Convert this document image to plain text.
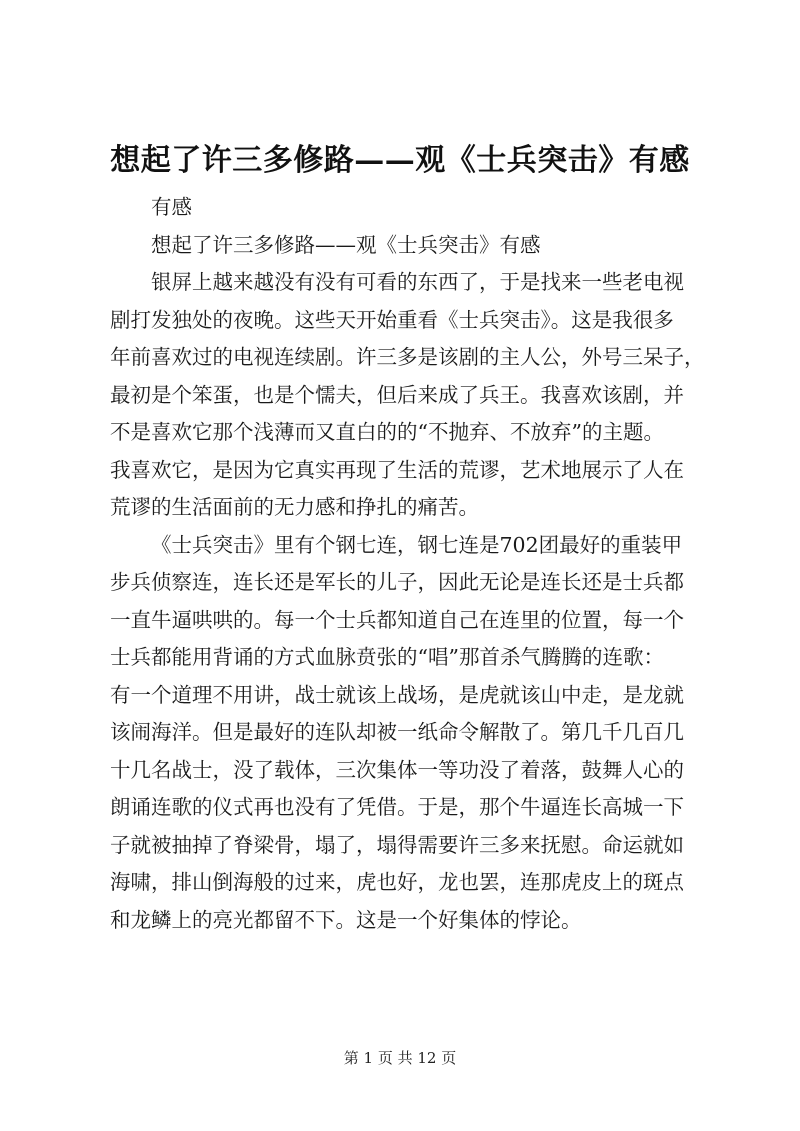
想起了许三多修路——观《士兵突击》有感

有感

想起了许三多修路——观《士兵突击》有感

银屏上越来越没有没有可看的东西了，于是找来一些老电视

剧打发独处的夜晚。这些天开始重看《士兵突击》。这是我很多

年前喜欢过的电视连续剧。许三多是该剧的主人公，外号三呆子，

最初是个笨蛋，也是个懦夫，但后来成了兵王。我喜欢该剧，并

不是喜欢它那个浅薄而又直白的的“不抛弃、不放弃”的主题。

我喜欢它，是因为它真实再现了生活的荒谬，艺术地展示了人在

荒谬的生活面前的无力感和挣扎的痛苦。

《士兵突击》里有个钢七连，钢七连是702团最好的重装甲

步兵侦察连，连长还是军长的儿子，因此无论是连长还是士兵都

一直牛逼哄哄的。每一个士兵都知道自己在连里的位置，每一个

士兵都能用背诵的方式血脉贲张的“唱”那首杀气腾腾的连歌：

有一个道理不用讲，战士就该上战场，是虎就该山中走，是龙就

该闹海洋。但是最好的连队却被一纸命令解散了。第几千几百几

十几名战士，没了载体，三次集体一等功没了着落，鼓舞人心的

朗诵连歌的仪式再也没有了凭借。于是，那个牛逼连长高城一下

子就被抽掉了脊梁骨，塌了，塌得需要许三多来抚慰。命运就如

海啸，排山倒海般的过来，虎也好，龙也罢，连那虎皮上的斑点

和龙鳞上的亮光都留不下。这是一个好集体的悖论。

第 1 页 共 12 页
